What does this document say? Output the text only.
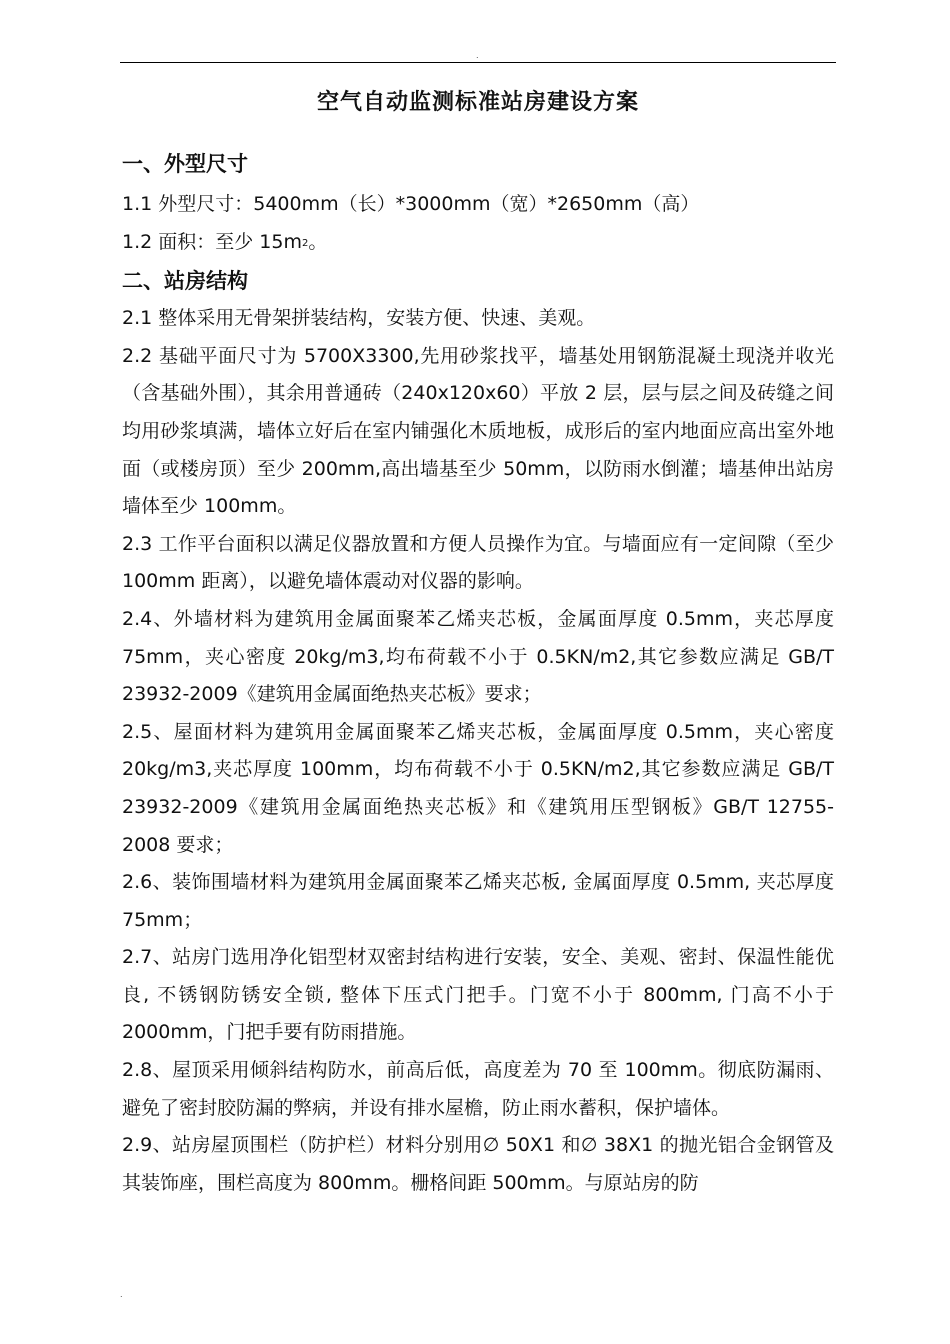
.
空气自动监测标准站房建设方案
一、外型尺寸
1.1 外型尺寸：5400mm（长）*3000mm（宽）*2650mm（高）
1.2 面积：至少 $15m^2$。
二、站房结构
2.1 整体采用无骨架拼装结构，安装方便、快速、美观。
2.2 基础平面尺寸为 5700X3300,先用砂浆找平，墙基处用钢筋混凝土现浇并收光（含基础外围），其余用普通砖（240x120x60）平放 2 层，层与层之间及砖缝之间均用砂浆填满，墙体立好后在室内铺强化木质地板，成形后的室内地面应高出室外地面（或楼房顶）至少 200mm,高出墙基至少 50mm，以防雨水倒灌；墙基伸出站房墙体至少 100mm。
2.3 工作平台面积以满足仪器放置和方便人员操作为宜。与墙面应有一定间隙（至少 100mm 距离），以避免墙体震动对仪器的影响。
2.4、外墙材料为建筑用金属面聚苯乙烯夹芯板，金属面厚度 0.5mm，夹芯厚度 75mm，夹心密度 20kg/m3,均布荷载不小于 0.5KN/m2,其它参数应满足 GB/T 23932-2009《建筑用金属面绝热夹芯板》要求；
2.5、屋面材料为建筑用金属面聚苯乙烯夹芯板，金属面厚度 0.5mm，夹心密度 20kg/m3,夹芯厚度 100mm，均布荷载不小于 0.5KN/m2,其它参数应满足 GB/T 23932-2009《建筑用金属面绝热夹芯板》和《建筑用压型钢板》GB/T 12755-2008 要求；
2.6、装饰围墙材料为建筑用金属面聚苯乙烯夹芯板, 金属面厚度 0.5mm, 夹芯厚度 75mm；
2.7、站房门选用净化铝型材双密封结构进行安装，安全、美观、密封、保温性能优良, 不锈钢防锈安全锁, 整体下压式门把手。门宽不小于 800mm, 门高不小于 2000mm，门把手要有防雨措施。
2.8、屋顶采用倾斜结构防水，前高后低，高度差为 70 至 100mm。彻底防漏雨、避免了密封胶防漏的弊病，并设有排水屋檐，防止雨水蓄积，保护墙体。
2.9、站房屋顶围栏（防护栏）材料分别用∅ 50X1 和∅ 38X1 的抛光铝合金钢管及其装饰座，围栏高度为 800mm。栅格间距 500mm。与原站房的防
.
